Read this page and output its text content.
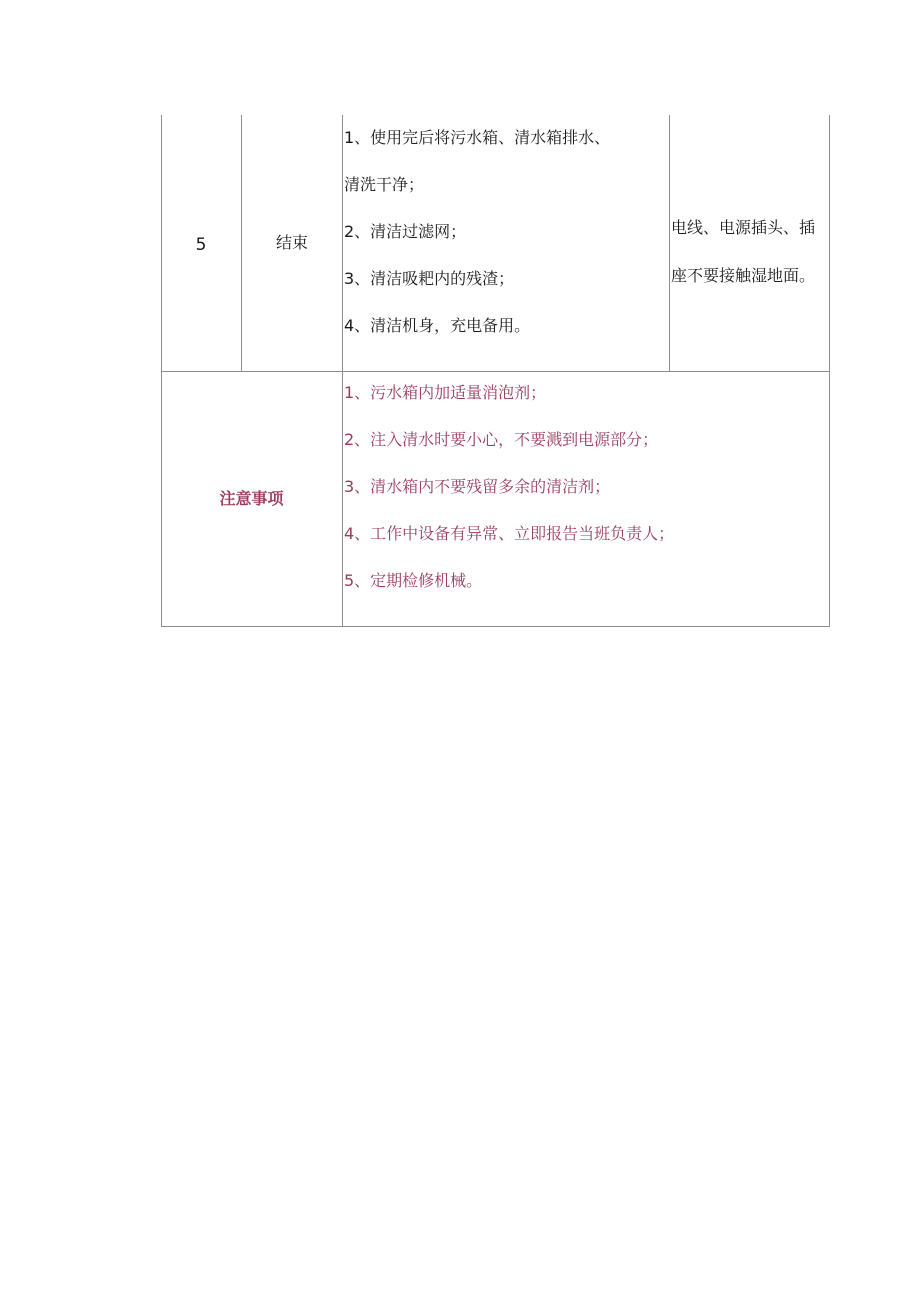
5	结束
1、使用完后将污水箱、清水箱排水、
清洗干净；
2、清洁过滤网；
3、清洁吸耙内的残渣；
4、清洁机身，充电备用。
电线、电源插头、插
座不要接触湿地面。
注意事项
1、污水箱内加适量消泡剂；
2、注入清水时要小心，不要溅到电源部分；
3、清水箱内不要残留多余的清洁剂；
4、工作中设备有异常、立即报告当班负责人；
5、定期检修机械。
